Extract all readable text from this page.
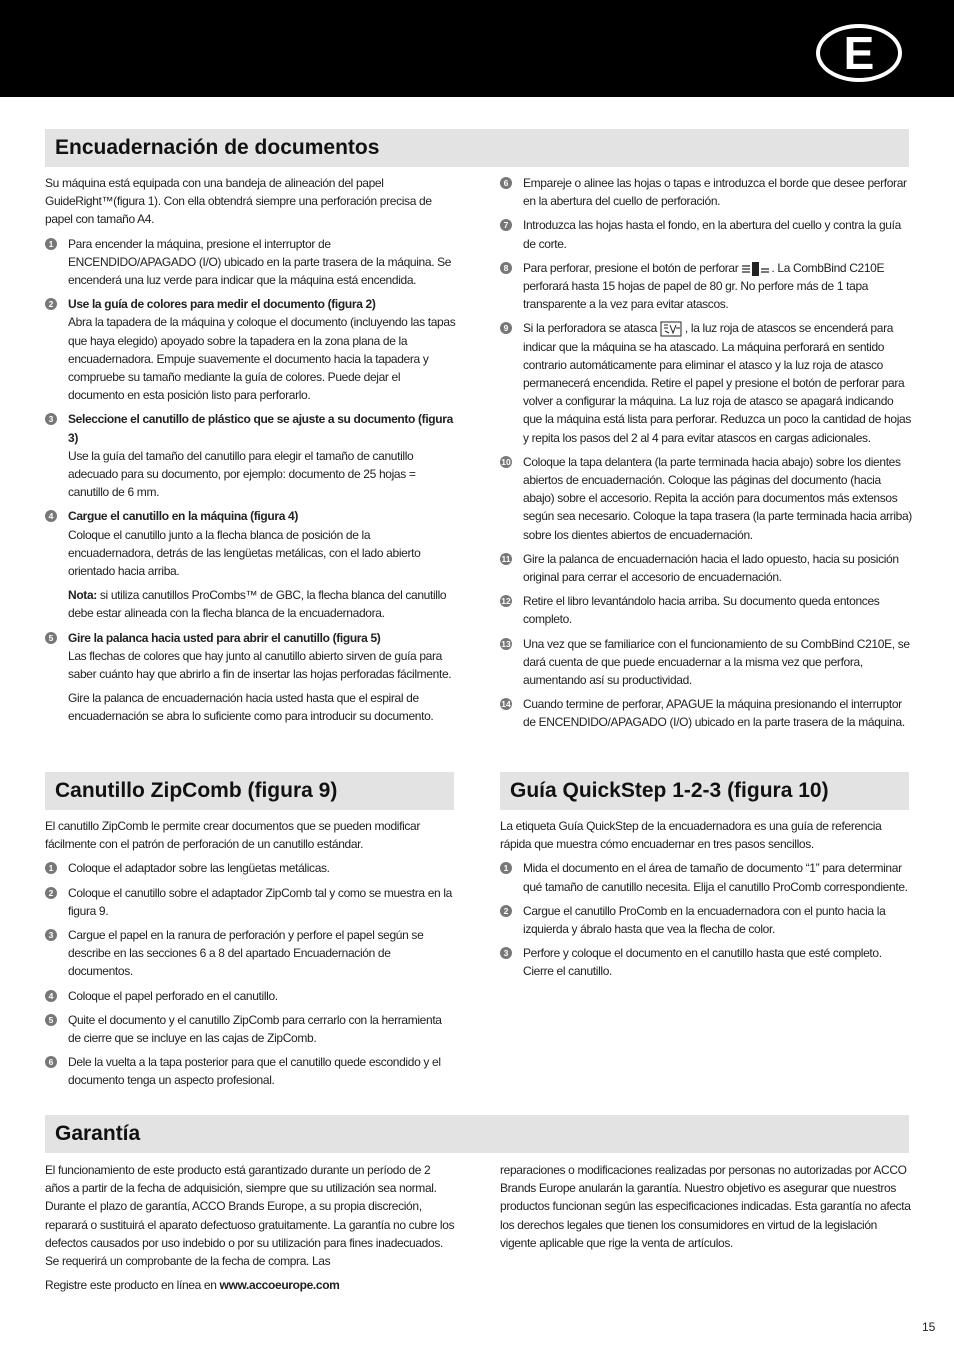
E
Encuadernación de documentos

Su máquina está equipada con una bandeja de alineación del papel GuideRight™(figura 1). Con ella obtendrá siempre una perforación precisa de papel con tamaño A4.

1	Para encender la máquina, presione el interruptor de ENCENDIDO/APAGADO (I/O) ubicado en la parte trasera de la máquina. Se encenderá una luz verde para indicar que la máquina está encendida.
2	Use la guía de colores para medir el documento (figura 2)
Abra la tapadera de la máquina y coloque el documento (incluyendo las tapas que haya elegido) apoyado sobre la tapadera en la zona plana de la encuadernadora. Empuje suavemente el documento hacia la tapadera y compruebe su tamaño mediante la guía de colores. Puede dejar el documento en esta posición listo para perforarlo.
3	Seleccione el canutillo de plástico que se ajuste a su documento (figura 3)
Use la guía del tamaño del canutillo para elegir el tamaño de canutillo adecuado para su documento, por ejemplo: documento de 25 hojas = canutillo de 6 mm.
4	Cargue el canutillo en la máquina (figura 4)
Coloque el canutillo junto a la flecha blanca de posición de la encuadernadora, detrás de las lengüetas metálicas, con el lado abierto orientado hacia arriba.
Nota: si utiliza canutillos ProCombs™ de GBC, la flecha blanca del canutillo debe estar alineada con la flecha blanca de la encuadernadora.
5	Gire la palanca hacia usted para abrir el canutillo (figura 5)
Las flechas de colores que hay junto al canutillo abierto sirven de guía para saber cuánto hay que abrirlo a fin de insertar las hojas perforadas fácilmente.
Gire la palanca de encuadernación hacia usted hasta que el espiral de encuadernación se abra lo suficiente como para introducir su documento.
6	Empareje o alinee las hojas o tapas e introduzca el borde que desee perforar en la abertura del cuello de perforación.
7	Introduzca las hojas hasta el fondo, en la abertura del cuello y contra la guía de corte.
8	Para perforar, presione el botón de perforar	. La CombBind C210E perforará hasta 15 hojas de papel de 80 gr. No perfore más de 1 tapa transparente a la vez para evitar atascos.
9	Si la perforadora se atasca  , la luz roja de atascos se encenderá para indicar que la máquina se ha atascado. La máquina perforará en sentido contrario automáticamente para eliminar el atasco y la luz roja de atasco permanecerá encendida. Retire el papel y presione el botón de perforar para volver a configurar la máquina. La luz roja de atasco se apagará indicando que la máquina está lista para perforar. Reduzca un poco la cantidad de hojas y repita los pasos del 2 al 4 para evitar atascos en cargas adicionales.
10 Coloque la tapa delantera (la parte terminada hacia abajo) sobre los dientes abiertos de encuadernación. Coloque las páginas del documento (hacia abajo) sobre el accesorio. Repita la acción para documentos más extensos según sea necesario. Coloque la tapa trasera (la parte terminada hacia arriba) sobre los dientes abiertos de encuadernación.
11 Gire la palanca de encuadernación hacia el lado opuesto, hacia su posición original para cerrar el accesorio de encuadernación.
12 Retire el libro levantándolo hacia arriba. Su documento queda entonces completo.
13 Una vez que se familiarice con el funcionamiento de su CombBind C210E, se dará cuenta de que puede encuadernar a la misma vez que perfora, aumentando así su productividad.
14 Cuando termine de perforar, APAGUE la máquina presionando el interruptor de ENCENDIDO/APAGADO (I/O) ubicado en la parte trasera de la máquina.
Canutillo ZipComb (figura 9)	Guía QuickStep 1-2-3 (figura 10)

El canutillo ZipComb le permite crear documentos que se pueden modificar fácilmente con el patrón de perforación de un canutillo estándar.

1	Coloque el adaptador sobre las lengüetas metálicas.
2	Coloque el canutillo sobre el adaptador ZipComb tal y como se muestra en la figura 9.
3	Cargue el papel en la ranura de perforación y perfore el papel según se describe en las secciones 6 a 8 del apartado Encuadernación de documentos.
4	Coloque el papel perforado en el canutillo.
5	Quite el documento y el canutillo ZipComb para cerrarlo con la herramienta de cierre que se incluye en las cajas de ZipComb.
6	Dele la vuelta a la tapa posterior para que el canutillo quede escondido y el documento tenga un aspecto profesional.

La etiqueta Guía QuickStep de la encuadernadora es una guía de referencia rápida que muestra cómo encuadernar en tres pasos sencillos.

1	Mida el documento en el área de tamaño de documento “1” para determinar qué tamaño de canutillo necesita. Elija el canutillo ProComb correspondiente.
2	Cargue el canutillo ProComb en la encuadernadora con el punto hacia la izquierda y ábralo hasta que vea la flecha de color.
3	Perfore y coloque el documento en el canutillo hasta que esté completo. Cierre el canutillo.
Garantía

El funcionamiento de este producto está garantizado durante un período de 2 años a partir de la fecha de adquisición, siempre que su utilización sea normal. Durante el plazo de garantía, ACCO Brands Europe, a su propia discreción, reparará o sustituirá el aparato defectuoso gratuitamente. La garantía no cubre los defectos causados por uso indebido o por su utilización para fines inadecuados. Se requerirá un comprobante de la fecha de compra. Las

Registre este producto en línea en www.accoeurope.com

reparaciones o modificaciones realizadas por personas no autorizadas por ACCO Brands Europe anularán la garantía. Nuestro objetivo es asegurar que nuestros productos funcionan según las especificaciones indicadas. Esta garantía no afecta los derechos legales que tienen los consumidores en virtud de la legislación vigente aplicable que rige la venta de artículos.

15
